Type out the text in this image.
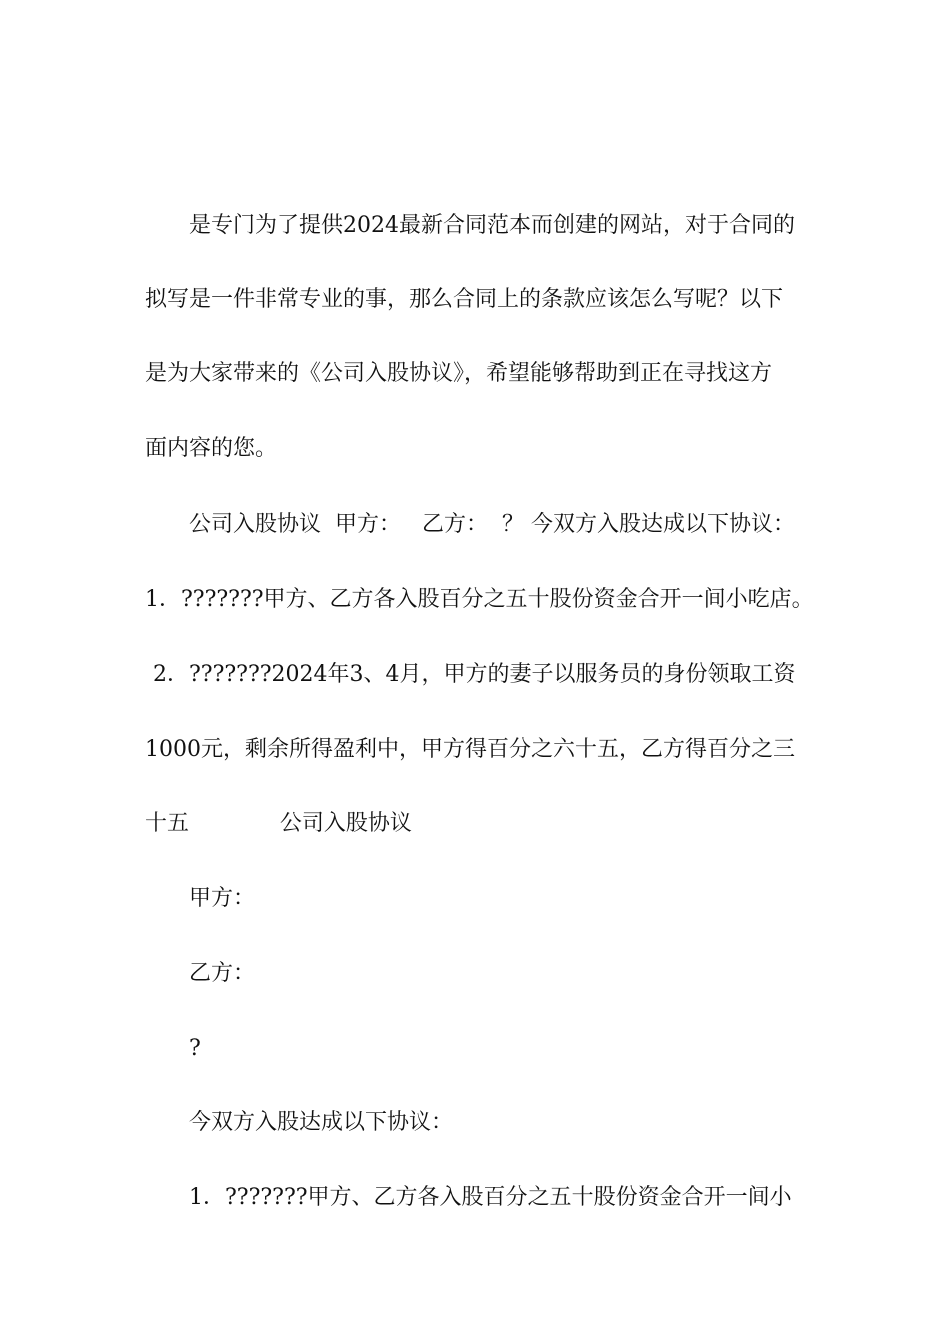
是专门为了提供2024最新合同范本而创建的网站，对于合同的
拟写是一件非常专业的事，那么合同上的条款应该怎么写呢？以下
是为大家带来的《公司入股协议》，希望能够帮助到正在寻找这方
面内容的您。
公司入股协议  甲方：   乙方：  ？ 今双方入股达成以下协议：
1．???????甲方、乙方各入股百分之五十股份资金合开一间小吃店。
2．???????2024年3、4月，甲方的妻子以服务员的身份领取工资
1000元，剩余所得盈利中，甲方得百分之六十五，乙方得百分之三
十五             公司入股协议
甲方：
乙方：
?
今双方入股达成以下协议：
1．???????甲方、乙方各入股百分之五十股份资金合开一间小
